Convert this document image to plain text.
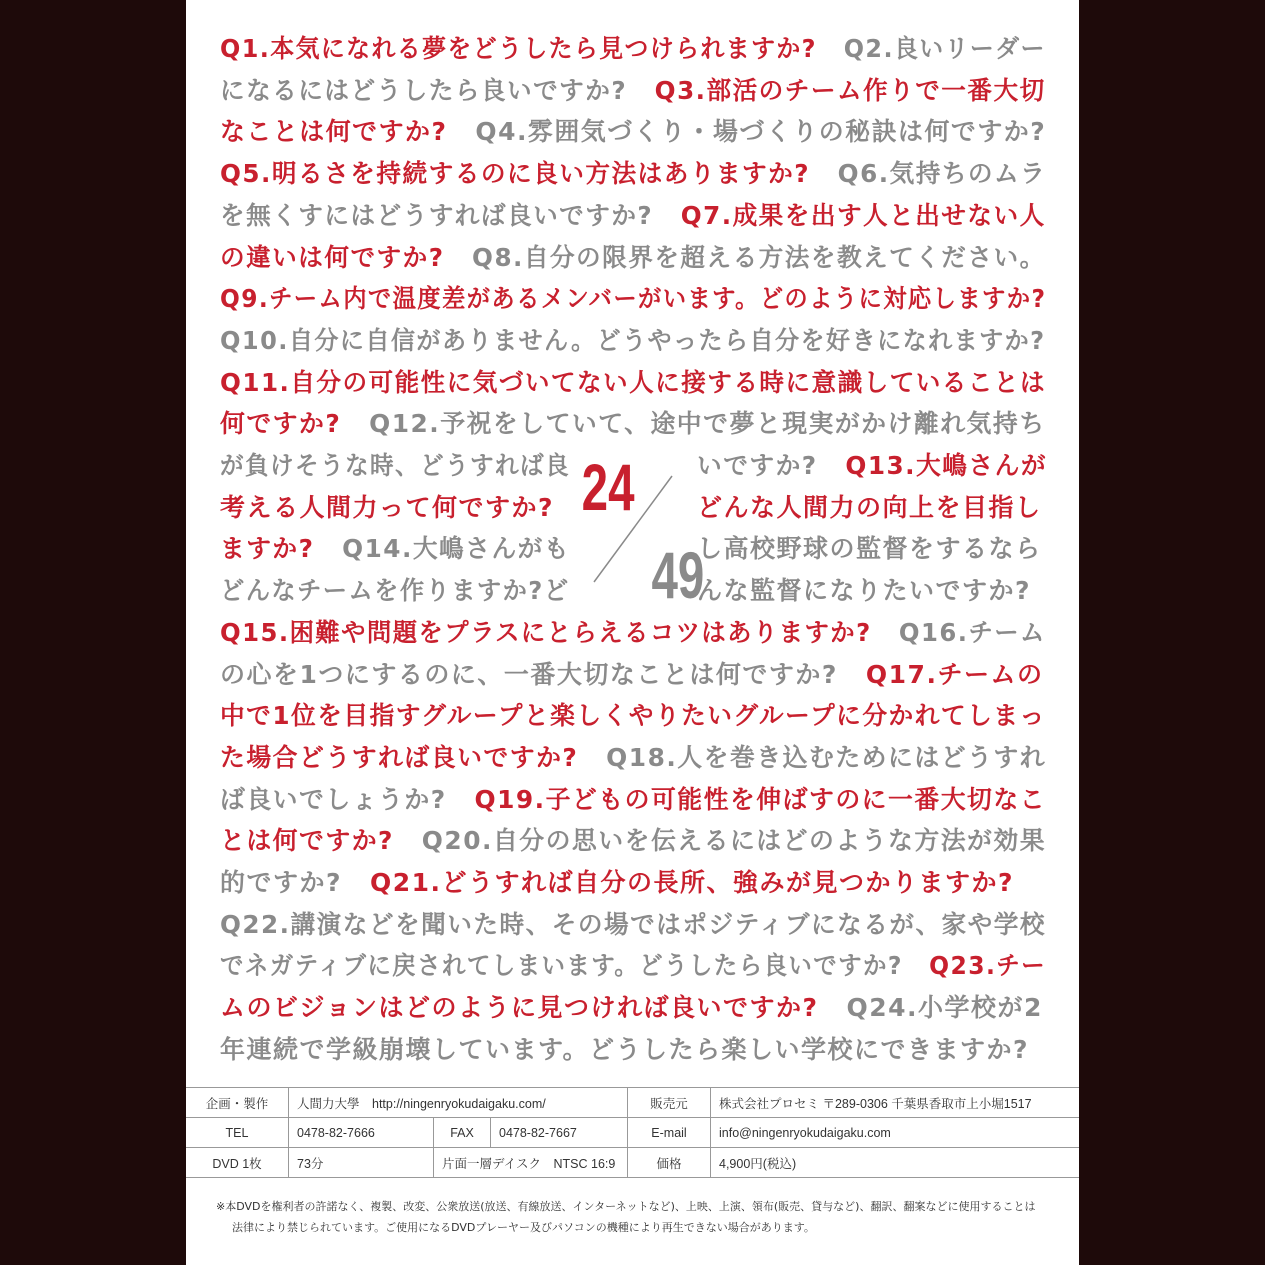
Q1.本気になれる夢をどうしたら見つけられますか? Q2.良いリーダー
になるにはどうしたら良いですか? Q3.部活のチーム作りで一番大切
なことは何ですか? Q4.雰囲気づくり・場づくりの秘訣は何ですか?
Q5.明るさを持続するのに良い方法はありますか? Q6.気持ちのムラ
を無くすにはどうすれば良いですか? Q7.成果を出す人と出せない人
の違いは何ですか? Q8.自分の限界を超える方法を教えてください。
Q9.チーム内で温度差があるメンバーがいます。どのように対応しますか?
Q10.自分に自信がありません。どうやったら自分を好きになれますか?
Q11.自分の可能性に気づいてない人に接する時に意識していることは
何ですか? Q12.予祝をしていて、途中で夢と現実がかけ離れ気持ち
が負けそうな時、どうすれば良
考える人間力って何ですか?
ますか? Q14.大嶋さんがも
どんなチームを作りますか?ど
いですか? Q13.大嶋さんが
どんな人間力の向上を目指し
し高校野球の監督をするなら
んな監督になりたいですか?
Q15.困難や問題をプラスにとらえるコツはありますか? Q16.チーム
の心を1つにするのに、一番大切なことは何ですか? Q17.チームの
中で1位を目指すグループと楽しくやりたいグループに分かれてしまっ
た場合どうすれば良いですか? Q18.人を巻き込むためにはどうすれ
ば良いでしょうか? Q19.子どもの可能性を伸ばすのに一番大切なこ
とは何ですか? Q20.自分の思いを伝えるにはどのような方法が効果
的ですか? Q21.どうすれば自分の長所、強みが見つかりますか?
Q22.講演などを聞いた時、その場ではポジティブになるが、家や学校
でネガティブに戻されてしまいます。どうしたら良いですか? Q23.チー
ムのビジョンはどのように見つければ良いですか? Q24.小学校が2
年連続で学級崩壊しています。どうしたら楽しい学校にできますか?
24
49
企画・製作	人間力大學　http://ningenryokudaigaku.com/			販売元	株式会社プロセミ 〒289-0306 千葉県香取市上小堀1517
TEL	0478-82-7666	FAX	0478-82-7667	E-mail	info@ningenryokudaigaku.com
DVD 1枚	73分	片面一層デイスク　NTSC 16:9		価格	4,900円(税込)
※本DVDを権利者の許諾なく、複製、改変、公衆放送(放送、有線放送、インターネットなど)、上映、上演、領布(販売、貸与など)、翻訳、翻案などに使用することは
法律により禁じられています。ご使用になるDVDプレーヤー及びパソコンの機種により再生できない場合があります。
